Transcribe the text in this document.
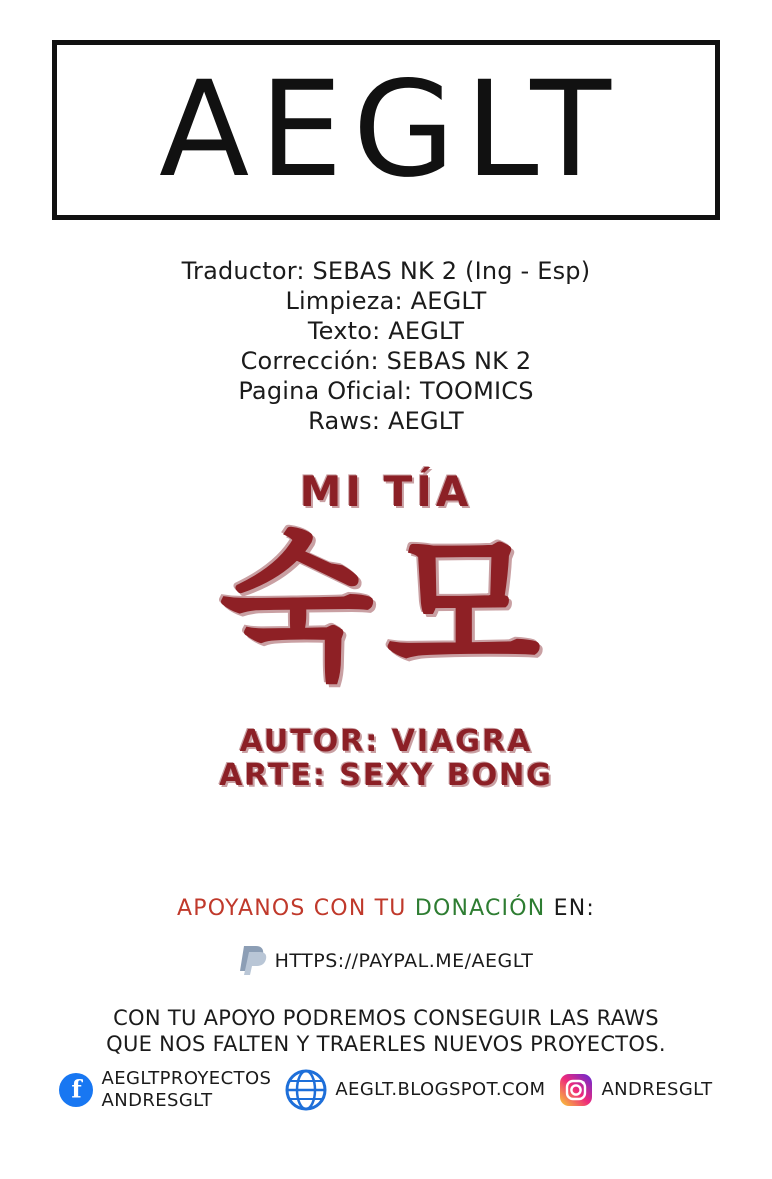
AEGLT
Traductor: SEBAS NK 2 (Ing - Esp)
Limpieza: AEGLT
Texto: AEGLT
Corrección: SEBAS NK 2
Pagina Oficial: TOOMICS
Raws: AEGLT
MI TÍA
숙모
AUTOR: VIAGRA
ARTE: SEXY BONG
APOYANOS CON TU DONACIÓN EN:
HTTPS://PAYPAL.ME/AEGLT
CON TU APOYO PODREMOS CONSEGUIR LAS RAWS
QUE NOS FALTEN Y TRAERLES NUEVOS PROYECTOS.
f
AEGLTPROYECTOS
ANDRESGLT
AEGLT.BLOGSPOT.COM	ANDRESGLT
